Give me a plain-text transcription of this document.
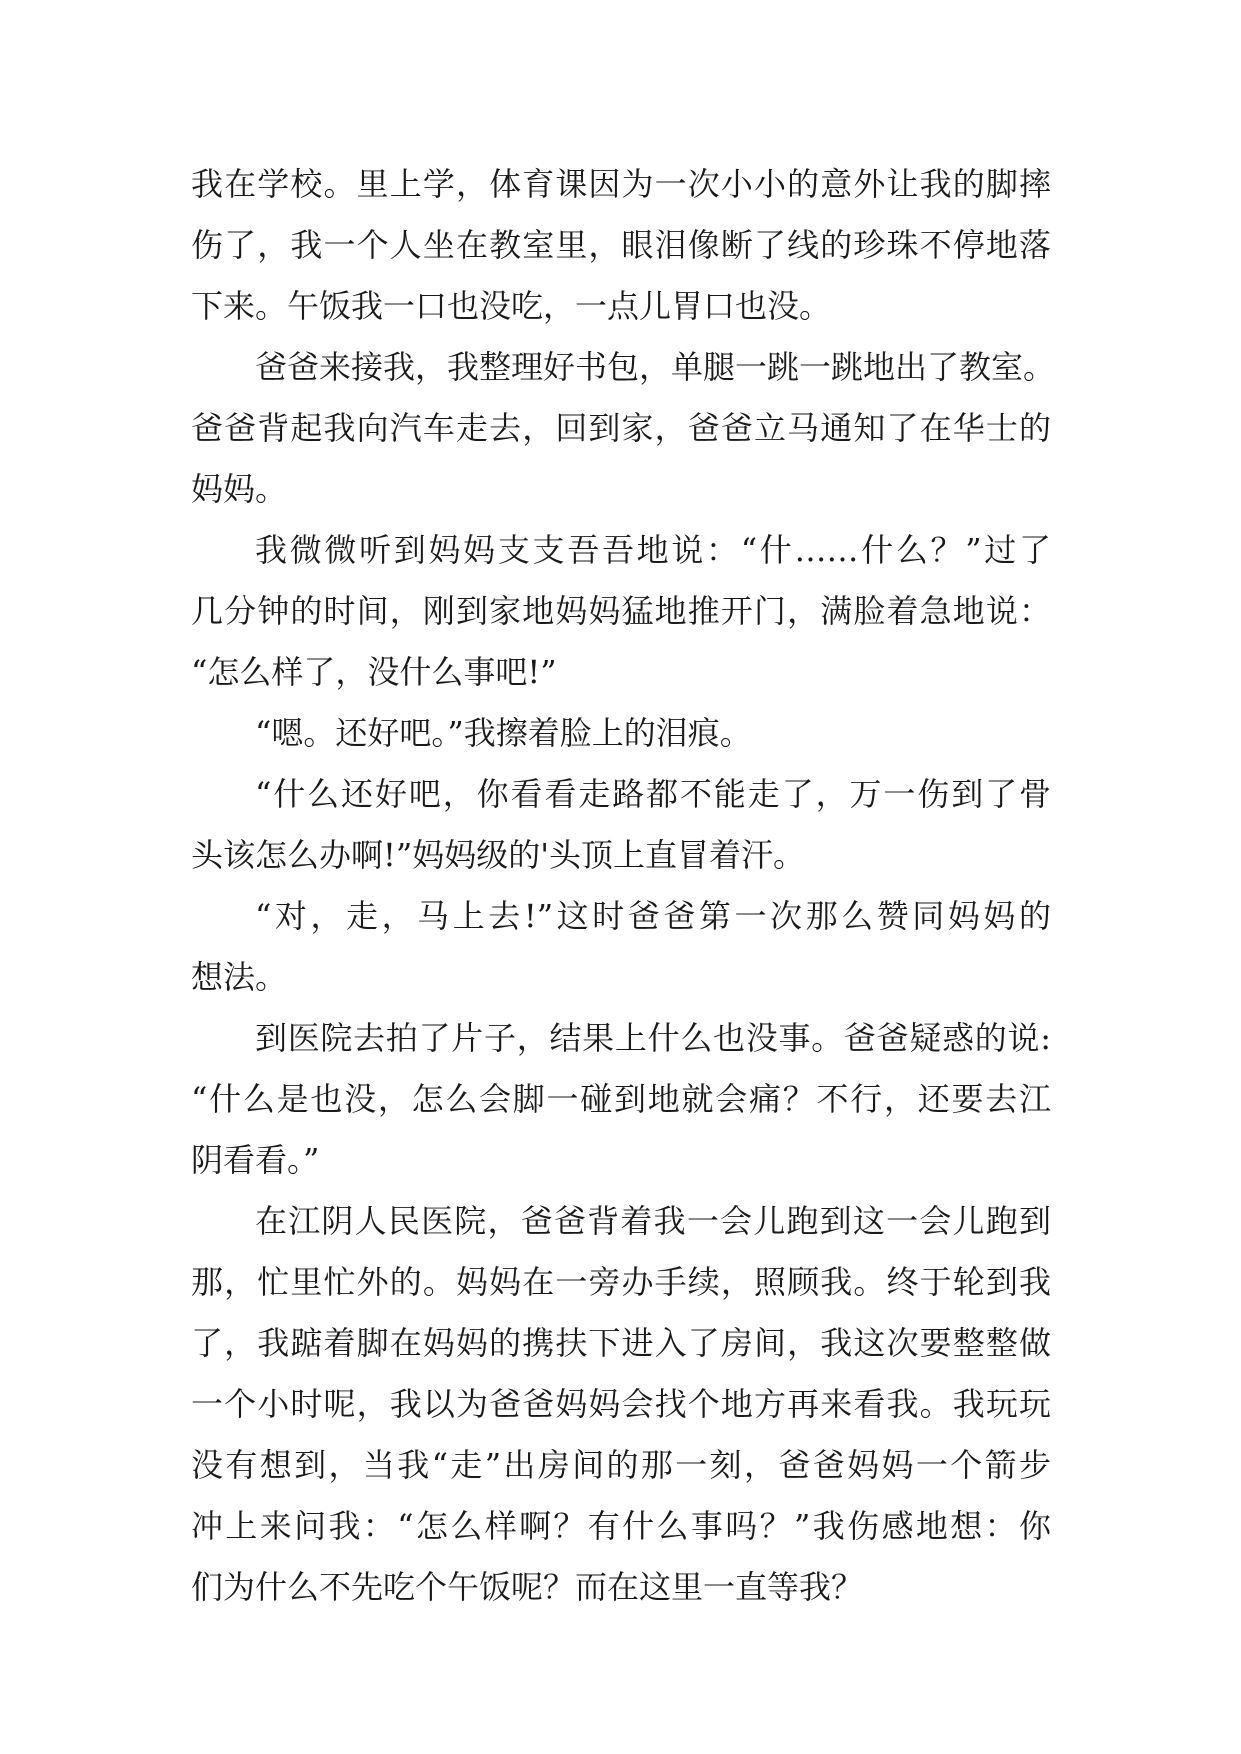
我在学校。里上学，体育课因为一次小小的意外让我的脚摔
伤了，我一个人坐在教室里，眼泪像断了线的珍珠不停地落
下来。午饭我一口也没吃，一点儿胃口也没。
爸爸来接我，我整理好书包，单腿一跳一跳地出了教室。
爸爸背起我向汽车走去，回到家，爸爸立马通知了在华士的
妈妈。
我微微听到妈妈支支吾吾地说：“什……什么？”过了
几分钟的时间，刚到家地妈妈猛地推开门，满脸着急地说：
“怎么样了，没什么事吧!”
“嗯。还好吧。”我擦着脸上的泪痕。
“什么还好吧，你看看走路都不能走了，万一伤到了骨
头该怎么办啊!”妈妈级的'头顶上直冒着汗。
“对，走，马上去!”这时爸爸第一次那么赞同妈妈的
想法。
到医院去拍了片子，结果上什么也没事。爸爸疑惑的说:
“什么是也没，怎么会脚一碰到地就会痛？不行，还要去江
阴看看。”
在江阴人民医院，爸爸背着我一会儿跑到这一会儿跑到
那，忙里忙外的。妈妈在一旁办手续，照顾我。终于轮到我
了，我踮着脚在妈妈的携扶下进入了房间，我这次要整整做
一个小时呢，我以为爸爸妈妈会找个地方再来看我。我玩玩
没有想到，当我“走”出房间的那一刻，爸爸妈妈一个箭步
冲上来问我：“怎么样啊？有什么事吗？”我伤感地想：你
们为什么不先吃个午饭呢？而在这里一直等我？
